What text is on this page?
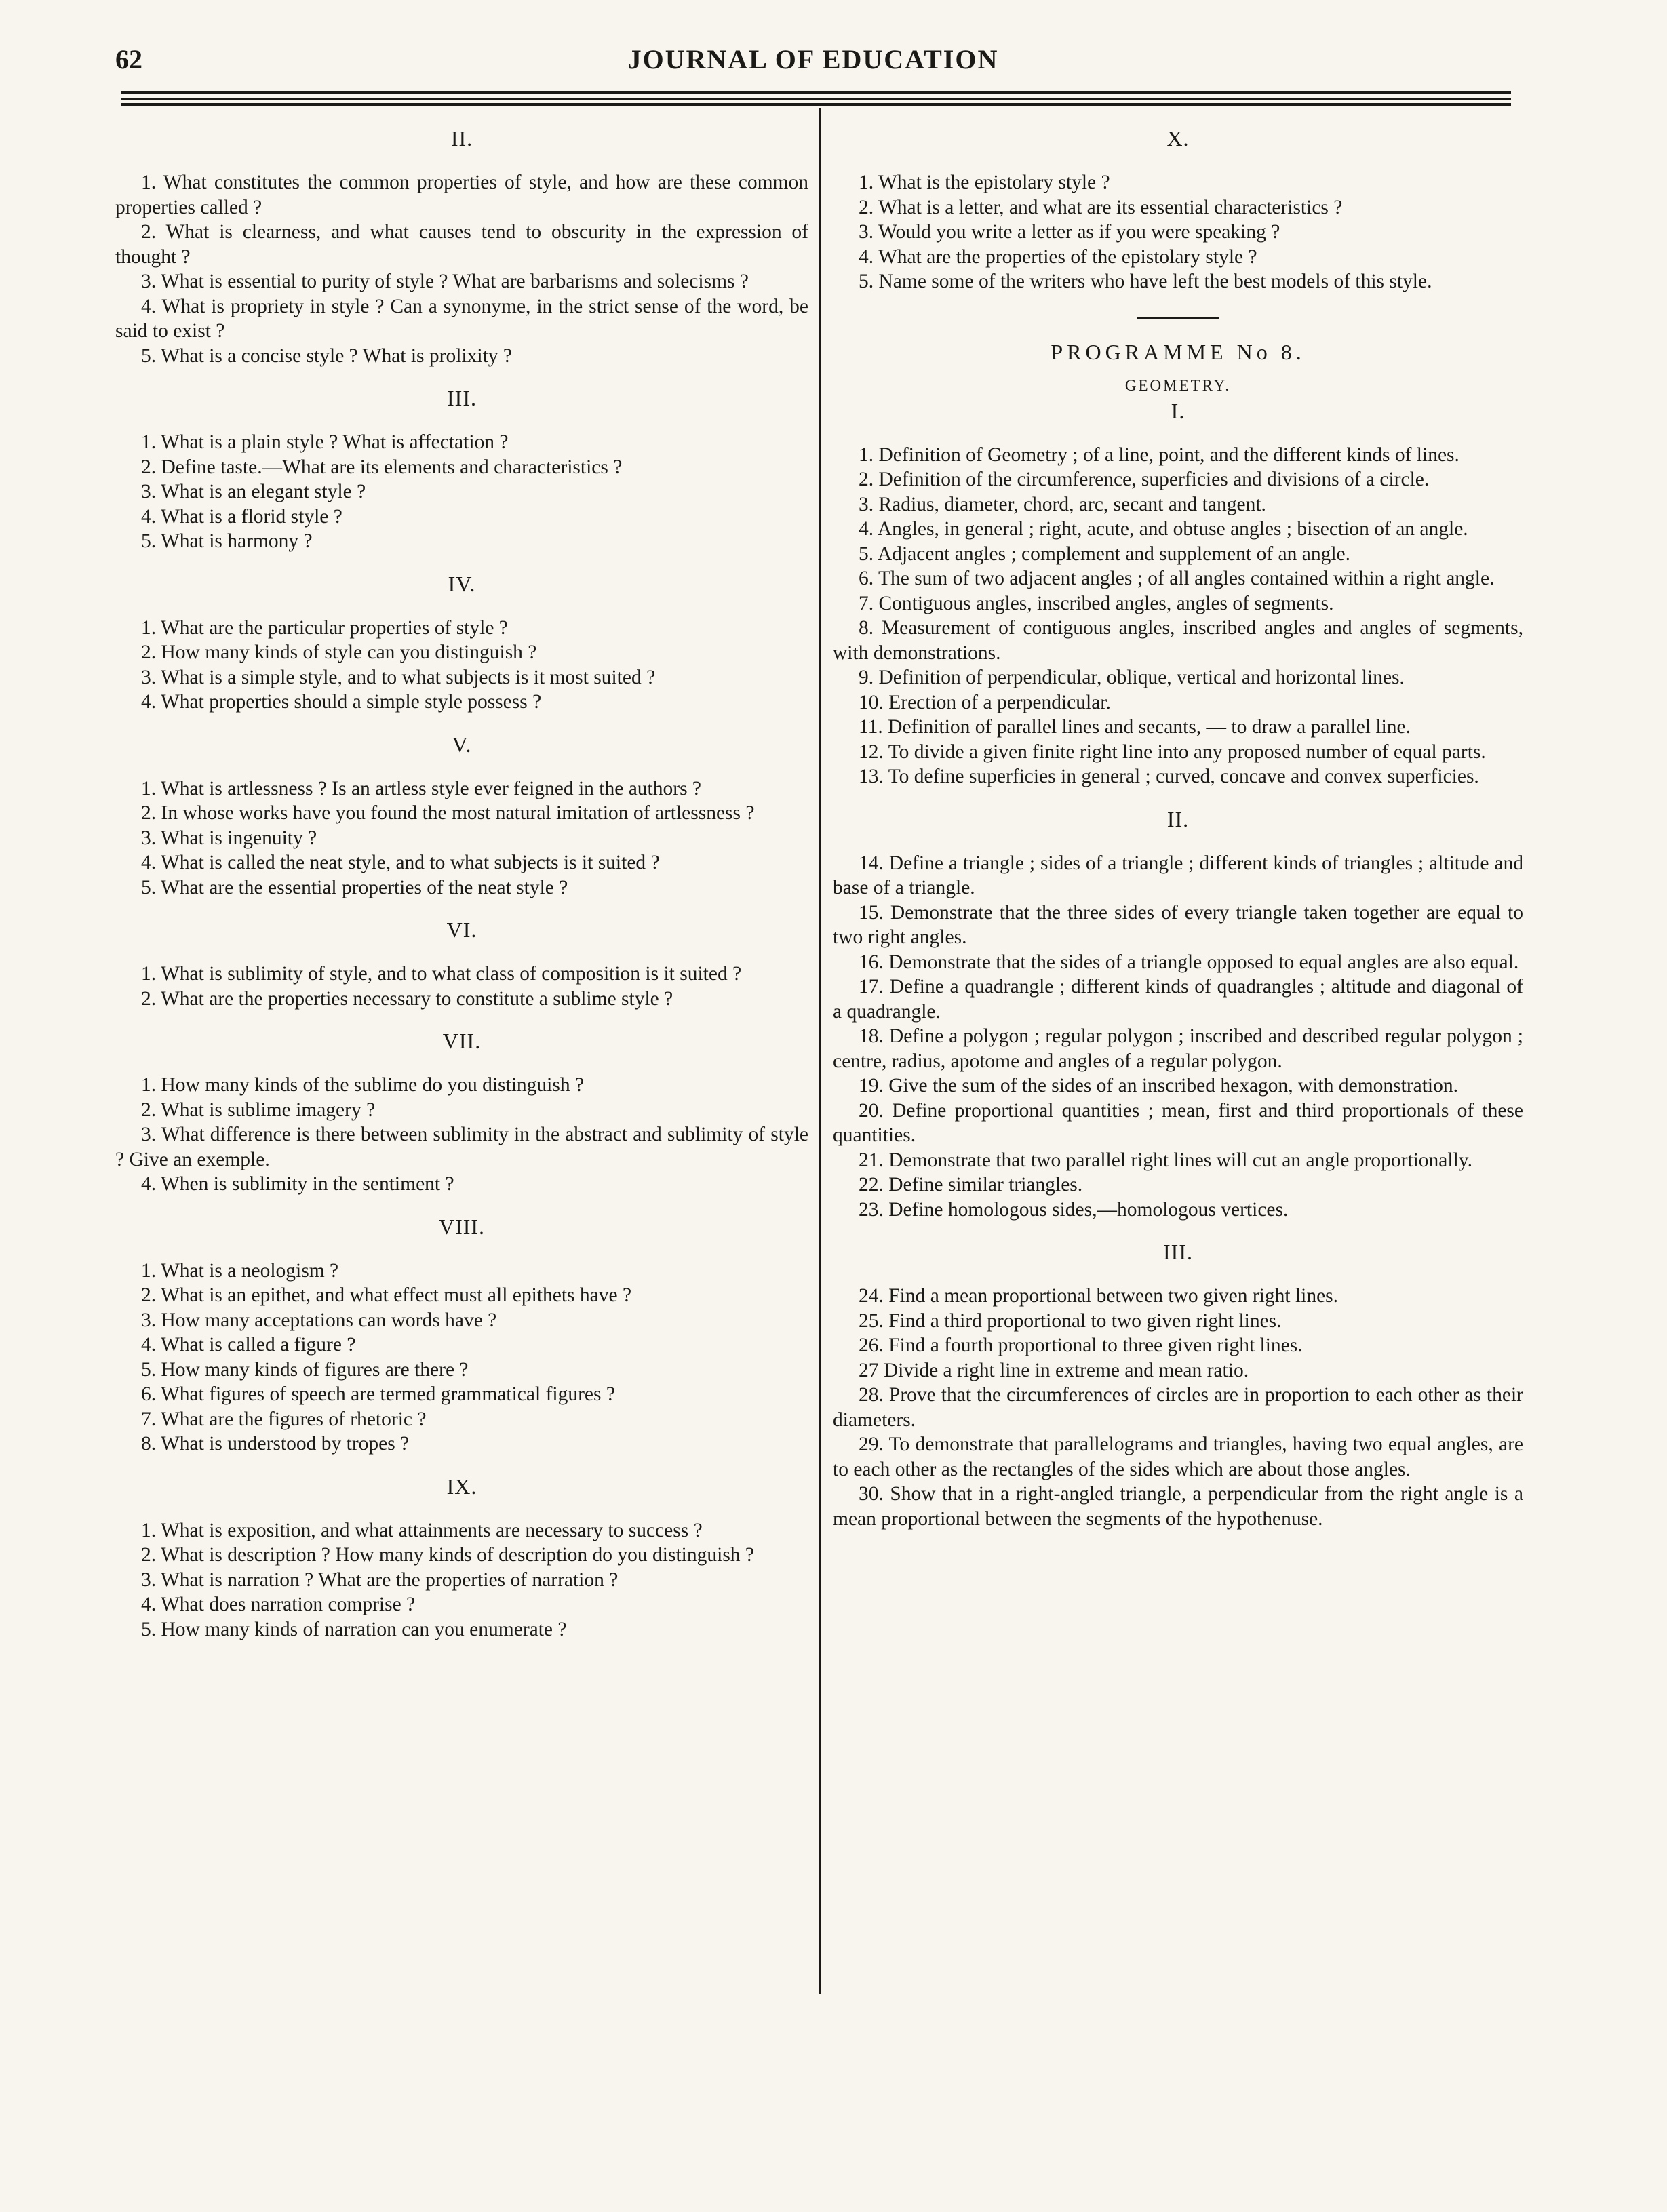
62	JOURNAL OF EDUCATION
II.

1. What constitutes the common properties of style, and how are these common properties called ?

2. What is clearness, and what causes tend to obscurity in the expression of thought ?

3. What is essential to purity of style ? What are barbarisms and solecisms ?

4. What is propriety in style ? Can a synonyme, in the strict sense of the word, be said to exist ?

5. What is a concise style ? What is prolixity ?

III.

1. What is a plain style ? What is affectation ?

2. Define taste.—What are its elements and characteristics ?

3. What is an elegant style ?

4. What is a florid style ?

5. What is harmony ?

IV.

1. What are the particular properties of style ?

2. How many kinds of style can you distinguish ?

3. What is a simple style, and to what subjects is it most suited ?

4. What properties should a simple style possess ?

V.

1. What is artlessness ? Is an artless style ever feigned in the authors ?

2. In whose works have you found the most natural imitation of artlessness ?

3. What is ingenuity ?

4. What is called the neat style, and to what subjects is it suited ?

5. What are the essential properties of the neat style ?

VI.

1. What is sublimity of style, and to what class of composition is it suited ?

2. What are the properties necessary to constitute a sublime style ?

VII.

1. How many kinds of the sublime do you distinguish ?

2. What is sublime imagery ?

3. What difference is there between sublimity in the abstract and sublimity of style ? Give an exemple.

4. When is sublimity in the sentiment ?

VIII.

1. What is a neologism ?

2. What is an epithet, and what effect must all epithets have ?

3. How many acceptations can words have ?

4. What is called a figure ?

5. How many kinds of figures are there ?

6. What figures of speech are termed grammatical figures ?

7. What are the figures of rhetoric ?

8. What is understood by tropes ?

IX.

1. What is exposition, and what attainments are necessary to success ?

2. What is description ? How many kinds of description do you distinguish ?

3. What is narration ? What are the properties of narration ?

4. What does narration comprise ?

5. How many kinds of narration can you enumerate ?

X.

1. What is the epistolary style ?

2. What is a letter, and what are its essential characteristics ?

3. Would you write a letter as if you were speaking ?

4. What are the properties of the epistolary style ?

5. Name some of the writers who have left the best models of this style.

PROGRAMME No 8.
GEOMETRY.
I.

1. Definition of Geometry ; of a line, point, and the different kinds of lines.

2. Definition of the circumference, superficies and divisions of a circle.

3. Radius, diameter, chord, arc, secant and tangent.

4. Angles, in general ; right, acute, and obtuse angles ; bisection of an angle.

5. Adjacent angles ; complement and supplement of an angle.

6. The sum of two adjacent angles ; of all angles contained within a right angle.

7. Contiguous angles, inscribed angles, angles of segments.

8. Measurement of contiguous angles, inscribed angles and angles of segments, with demonstrations.

9. Definition of perpendicular, oblique, vertical and horizontal lines.

10. Erection of a perpendicular.

11. Definition of parallel lines and secants, — to draw a parallel line.

12. To divide a given finite right line into any proposed number of equal parts.

13. To define superficies in general ; curved, concave and convex superficies.

II.

14. Define a triangle ; sides of a triangle ; different kinds of triangles ; altitude and base of a triangle.

15. Demonstrate that the three sides of every triangle taken together are equal to two right angles.

16. Demonstrate that the sides of a triangle opposed to equal angles are also equal.

17. Define a quadrangle ; different kinds of quadrangles ; altitude and diagonal of a quadrangle.

18. Define a polygon ; regular polygon ; inscribed and described regular polygon ; centre, radius, apotome and angles of a regular polygon.

19. Give the sum of the sides of an inscribed hexagon, with demonstration.

20. Define proportional quantities ; mean, first and third proportionals of these quantities.

21. Demonstrate that two parallel right lines will cut an angle proportionally.

22. Define similar triangles.

23. Define homologous sides,—homologous vertices.

III.

24. Find a mean proportional between two given right lines.

25. Find a third proportional to two given right lines.

26. Find a fourth proportional to three given right lines.

27 Divide a right line in extreme and mean ratio.

28. Prove that the circumferences of circles are in proportion to each other as their diameters.

29. To demonstrate that parallelograms and triangles, having two equal angles, are to each other as the rectangles of the sides which are about those angles.

30. Show that in a right-angled triangle, a perpendicular from the right angle is a mean proportional between the segments of the hypothenuse.
